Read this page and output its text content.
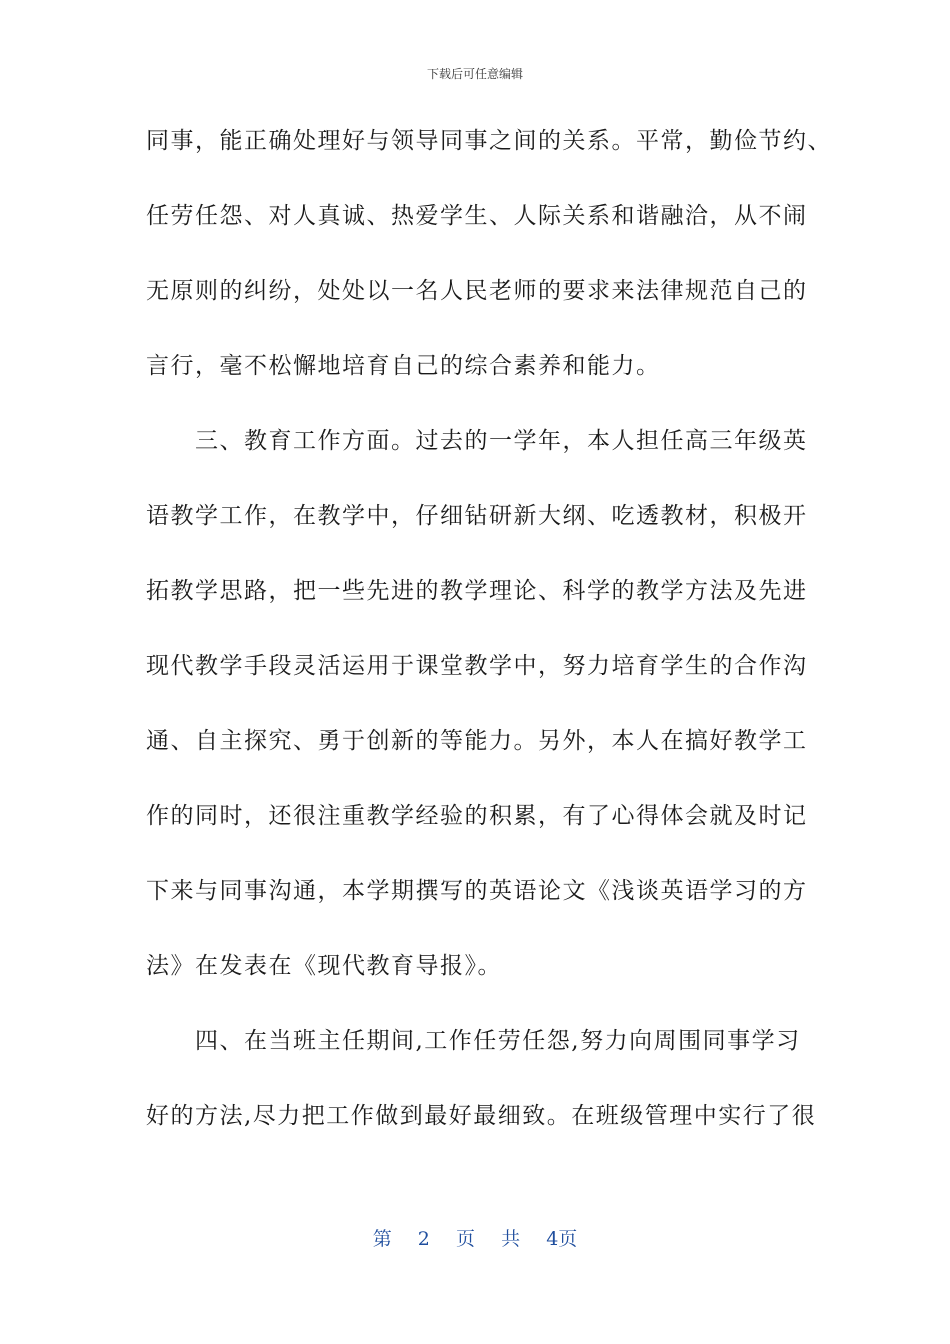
下载后可任意编辑
同事，能正确处理好与领导同事之间的关系。平常，勤俭节约、
任劳任怨、对人真诚、热爱学生、人际关系和谐融洽，从不闹
无原则的纠纷，处处以一名人民老师的要求来法律规范自己的
言行，毫不松懈地培育自己的综合素养和能力。
　　三、教育工作方面。过去的一学年，本人担任高三年级英
语教学工作，在教学中，仔细钻研新大纲、吃透教材，积极开
拓教学思路，把一些先进的教学理论、科学的教学方法及先进
现代教学手段灵活运用于课堂教学中，努力培育学生的合作沟
通、自主探究、勇于创新的等能力。另外，本人在搞好教学工
作的同时，还很注重教学经验的积累，有了心得体会就及时记
下来与同事沟通，本学期撰写的英语论文《浅谈英语学习的方
法》在发表在《现代教育导报》。
　　四、在当班主任期间,工作任劳任怨,努力向周围同事学习
好的方法,尽力把工作做到最好最细致。在班级管理中实行了很
第 2 页 共 4页
